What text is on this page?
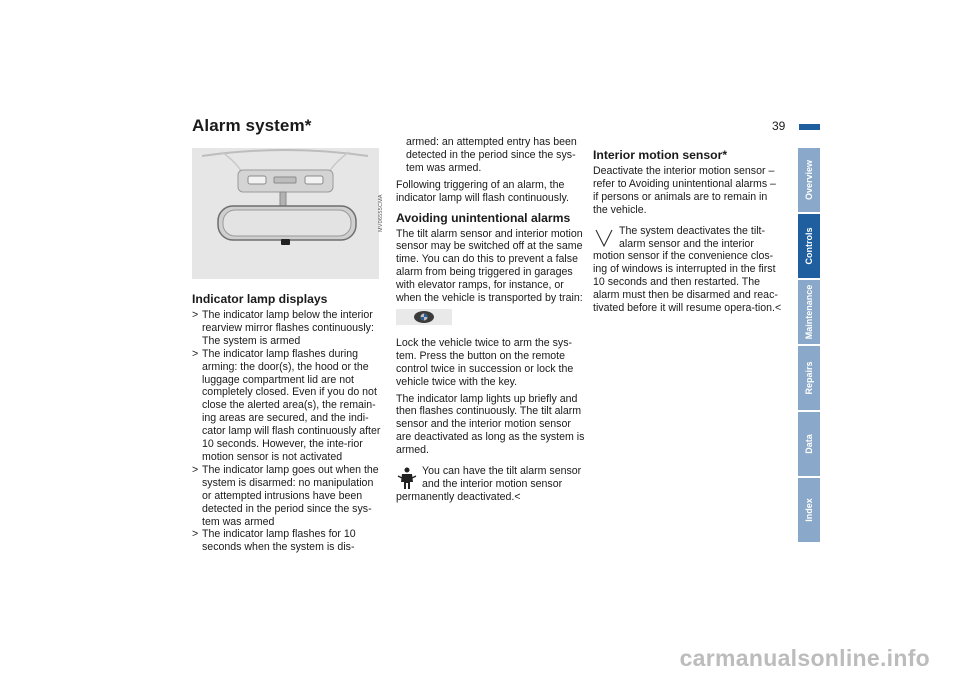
Alarm system*	39
MV06555CMA
Indicator lamp displays
> The indicator lamp below the interior rearview mirror flashes continuously: The system is armed
> The indicator lamp flashes during arming: the door(s), the hood or the luggage compartment lid are not completely closed. Even if you do not close the alerted area(s), the remain-ing areas are secured, and the indi-cator lamp will flash continuously after 10 seconds. However, the inte-rior motion sensor is not activated
> The indicator lamp goes out when the system is disarmed: no manipulation or attempted intrusions have been detected in the period since the sys-tem was armed
> The indicator lamp flashes for 10 seconds when the system is dis-

armed: an attempted entry has been detected in the period since the sys-tem was armed.

Following triggering of an alarm, the indicator lamp will flash continuously.

Avoiding unintentional alarms

The tilt alarm sensor and interior motion sensor may be switched off at the same time. You can do this to prevent a false alarm from being triggered in garages with elevator ramps, for instance, or when the vehicle is transported by train:

Lock the vehicle twice to arm the sys-tem. Press the button on the remote control twice in succession or lock the vehicle twice with the key.

The indicator lamp lights up briefly and then flashes continuously. The tilt alarm sensor and the interior motion sensor are deactivated as long as the system is armed.

You can have the tilt alarm sensor and the interior motion sensor
permanently deactivated.<
Interior motion sensor*

Deactivate the interior motion sensor – refer to Avoiding unintentional alarms – if persons or animals are to remain in the vehicle.

The system deactivates the tilt-alarm sensor and the interior
motion sensor if the convenience clos-ing of windows is interrupted in the first 10 seconds and then restarted. The alarm must then be disarmed and reac-tivated before it will resume opera-tion.<
Overview
Controls
Maintenance
Repairs
Data
Index
carmanualsonline.info
